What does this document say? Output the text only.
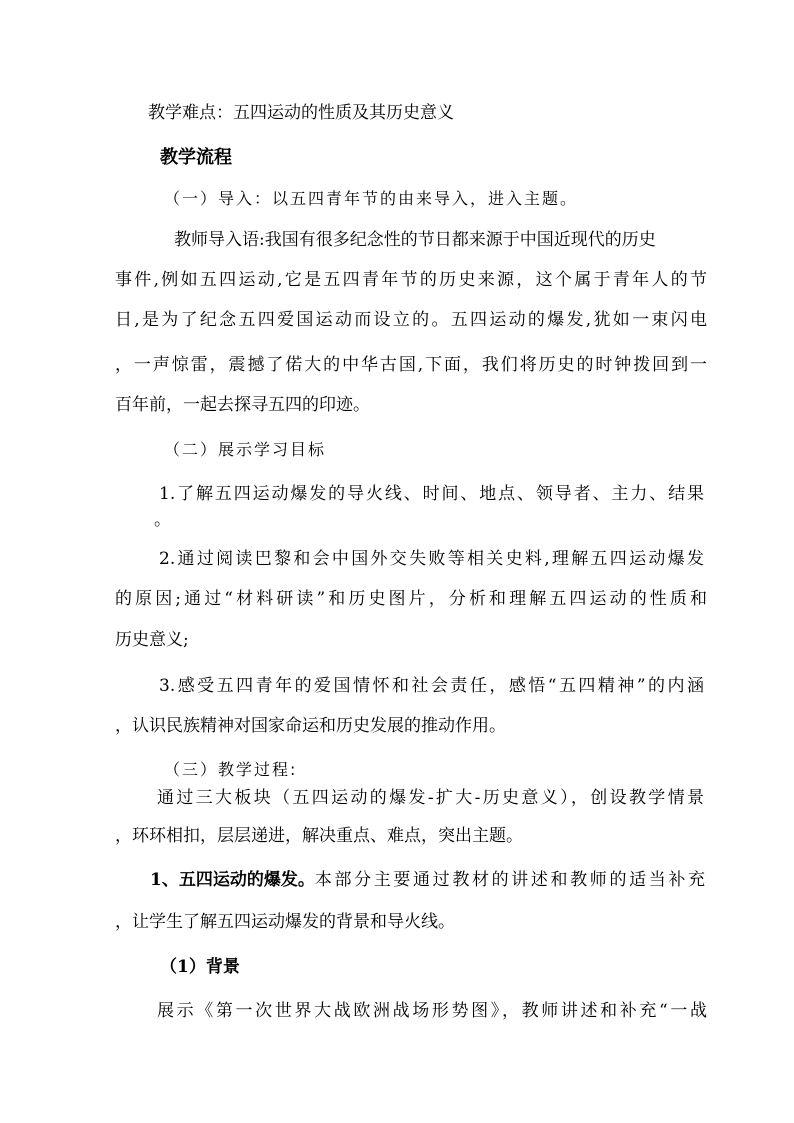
教学难点：五四运动的性质及其历史意义
教学流程
（一）导入：以五四青年节的由来导入，进入主题。
教师导入语:我国有很多纪念性的节日都来源于中国近现代的历史
事件,例如五四运动,它是五四青年节的历史来源，这个属于青年人的节
日,是为了纪念五四爱国运动而设立的。五四运动的爆发,犹如一束闪电
，一声惊雷，震撼了偌大的中华古国,下面，我们将历史的时钟拨回到一
百年前，一起去探寻五四的印迹。
（二）展示学习目标
1.了解五四运动爆发的导火线、时间、地点、领导者、主力、结果
。
2.通过阅读巴黎和会中国外交失败等相关史料,理解五四运动爆发
的原因;通过“材料研读”和历史图片，分析和理解五四运动的性质和
历史意义;
3.感受五四青年的爱国情怀和社会责任，感悟“五四精神”的内涵
，认识民族精神对国家命运和历史发展的推动作用。
（三）教学过程:
通过三大板块（五四运动的爆发-扩大-历史意义），创设教学情景
，环环相扣，层层递进，解决重点、难点，突出主题。
1、五四运动的爆发。 本部分主要通过教材的讲述和教师的适当补充
，让学生了解五四运动爆发的背景和导火线。
（1）背景
展示《第一次世界大战欧洲战场形势图》，教师讲述和补充“一战
